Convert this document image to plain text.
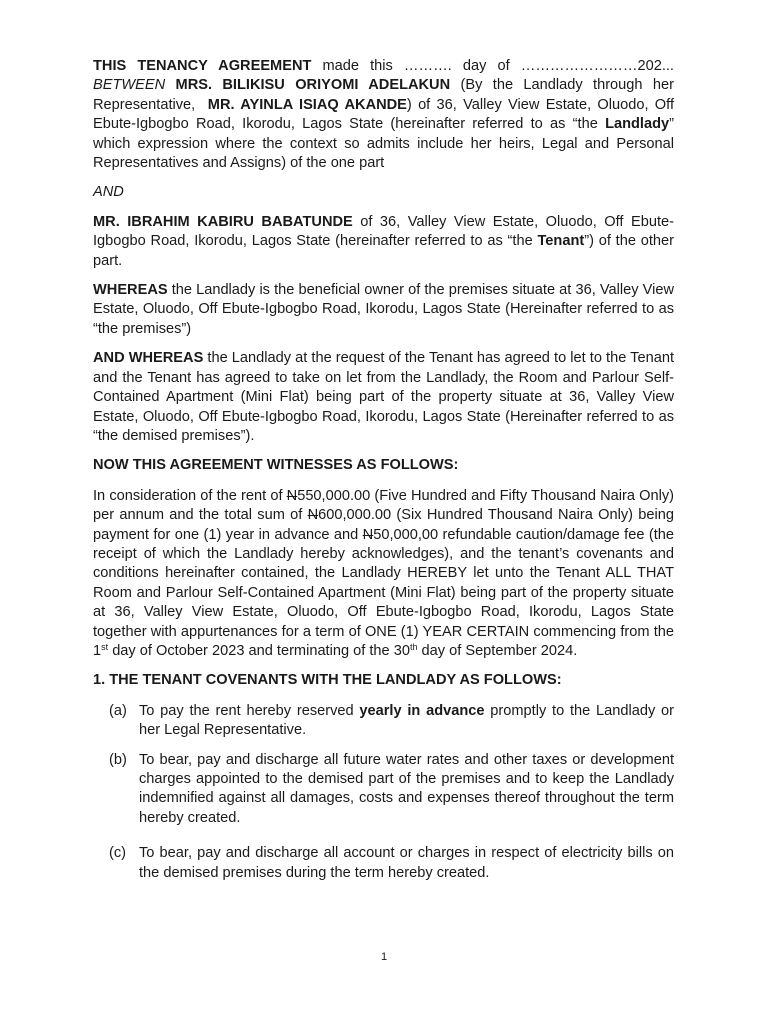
THIS TENANCY AGREEMENT made this ………. day of ……………………202... BETWEEN MRS. BILIKISU ORIYOMI ADELAKUN (By the Landlady through her Representative, MR. AYINLA ISIAQ AKANDE) of 36, Valley View Estate, Oluodo, Off Ebute-Igbogbo Road, Ikorodu, Lagos State (hereinafter referred to as “the Landlady” which expression where the context so admits include her heirs, Legal and Personal Representatives and Assigns) of the one part

AND

MR. IBRAHIM KABIRU BABATUNDE of 36, Valley View Estate, Oluodo, Off Ebute-Igbogbo Road, Ikorodu, Lagos State (hereinafter referred to as “the Tenant”) of the other part.

WHEREAS the Landlady is the beneficial owner of the premises situate at 36, Valley View Estate, Oluodo, Off Ebute-Igbogbo Road, Ikorodu, Lagos State (Hereinafter referred to as “the premises”)

AND WHEREAS the Landlady at the request of the Tenant has agreed to let to the Tenant and the Tenant has agreed to take on let from the Landlady, the Room and Parlour Self-Contained Apartment (Mini Flat) being part of the property situate at 36, Valley View Estate, Oluodo, Off Ebute-Igbogbo Road, Ikorodu, Lagos State (Hereinafter referred to as “the demised premises”).

NOW THIS AGREEMENT WITNESSES AS FOLLOWS:

In consideration of the rent of N550,000.00 (Five Hundred and Fifty Thousand Naira Only) per annum and the total sum of N600,000.00 (Six Hundred Thousand Naira Only) being payment for one (1) year in advance and N50,000,00 refundable caution/damage fee (the receipt of which the Landlady hereby acknowledges), and the tenant’s covenants and conditions hereinafter contained, the Landlady HEREBY let unto the Tenant ALL THAT Room and Parlour Self-Contained Apartment (Mini Flat) being part of the property situate at 36, Valley View Estate, Oluodo, Off Ebute-Igbogbo Road, Ikorodu, Lagos State together with appurtenances for a term of ONE (1) YEAR CERTAIN commencing from the 1st day of October 2023 and terminating of the 30th day of September 2024.

1. THE TENANT COVENANTS WITH THE LANDLADY AS FOLLOWS:

(a) To pay the rent hereby reserved yearly in advance promptly to the Landlady or her Legal Representative.
(b) To bear, pay and discharge all future water rates and other taxes or development charges appointed to the demised part of the premises and to keep the Landlady indemnified against all damages, costs and expenses thereof throughout the term hereby created.
(c) To bear, pay and discharge all account or charges in respect of electricity bills on the demised premises during the term hereby created.
1
